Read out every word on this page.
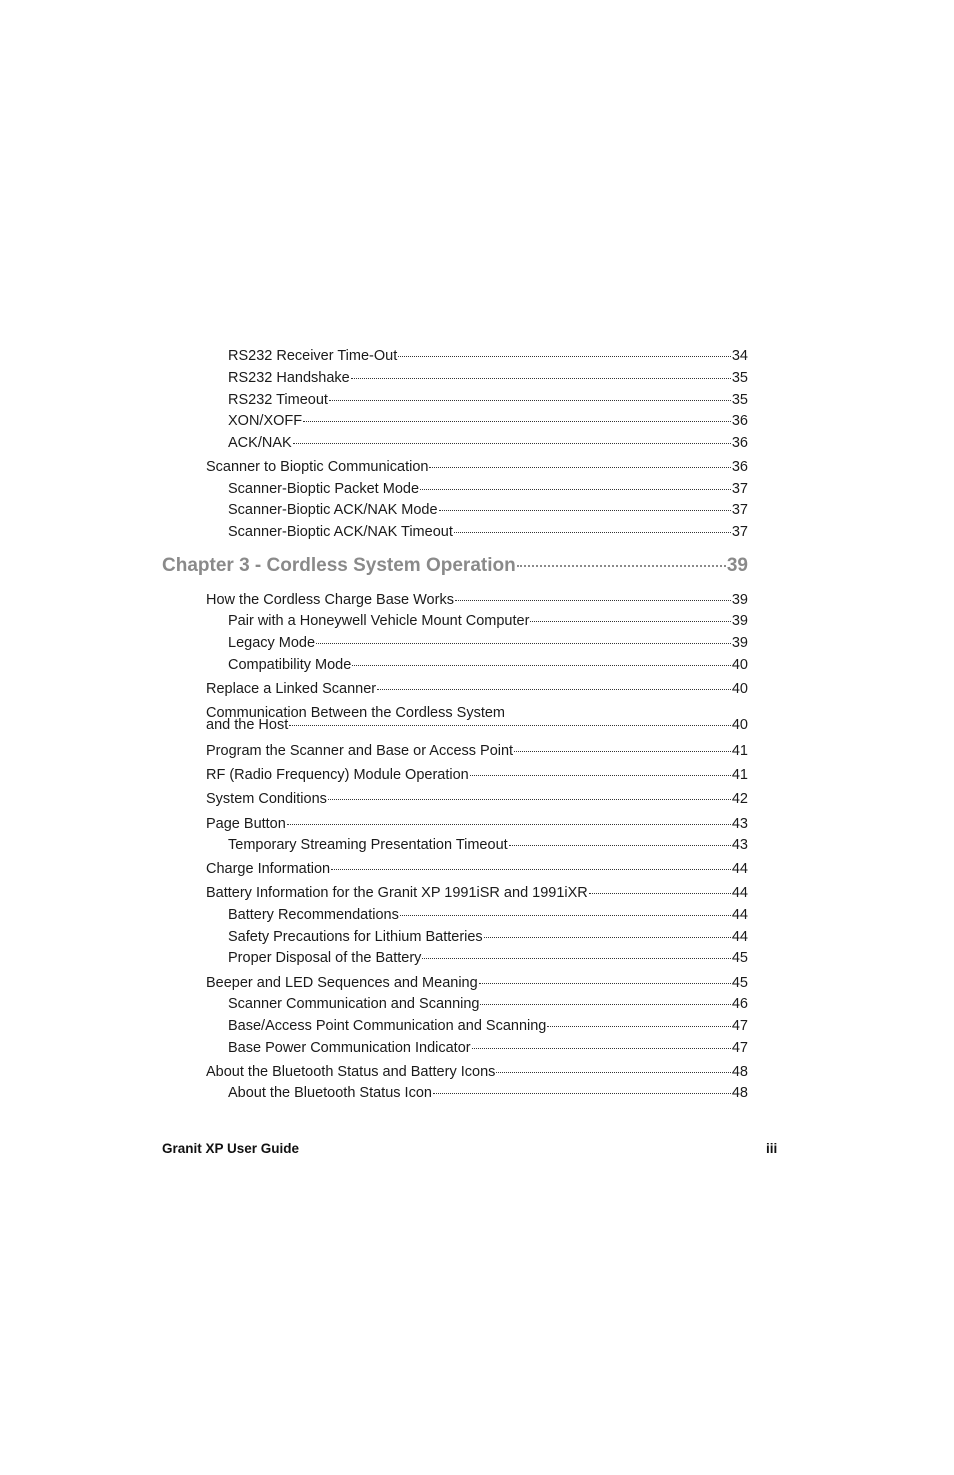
RS232 Receiver Time-Out	34
RS232 Handshake	35
RS232 Timeout	35
XON/XOFF	36
ACK/NAK	36
Scanner to Bioptic Communication	36
Scanner-Bioptic Packet Mode	37
Scanner-Bioptic ACK/NAK Mode	37
Scanner-Bioptic ACK/NAK Timeout	37
Chapter 3 - Cordless System Operation	39
How the Cordless Charge Base Works	39
Pair with a Honeywell Vehicle Mount Computer	39
Legacy Mode	39
Compatibility Mode	40
Replace a Linked Scanner	40
Communication Between the Cordless System
and the Host	40
Program the Scanner and Base or Access Point	41
RF (Radio Frequency) Module Operation	41
System Conditions	42
Page Button	43
Temporary Streaming Presentation Timeout	43
Charge Information	44
Battery Information for the Granit XP 1991iSR and 1991iXR	44
Battery Recommendations	44
Safety Precautions for Lithium Batteries	44
Proper Disposal of the Battery	45
Beeper and LED Sequences and Meaning	45
Scanner Communication and Scanning	46
Base/Access Point Communication and Scanning	47
Base Power Communication Indicator	47
About the Bluetooth Status and Battery Icons	48
About the Bluetooth Status Icon	48
Granit XP User Guide	iii
